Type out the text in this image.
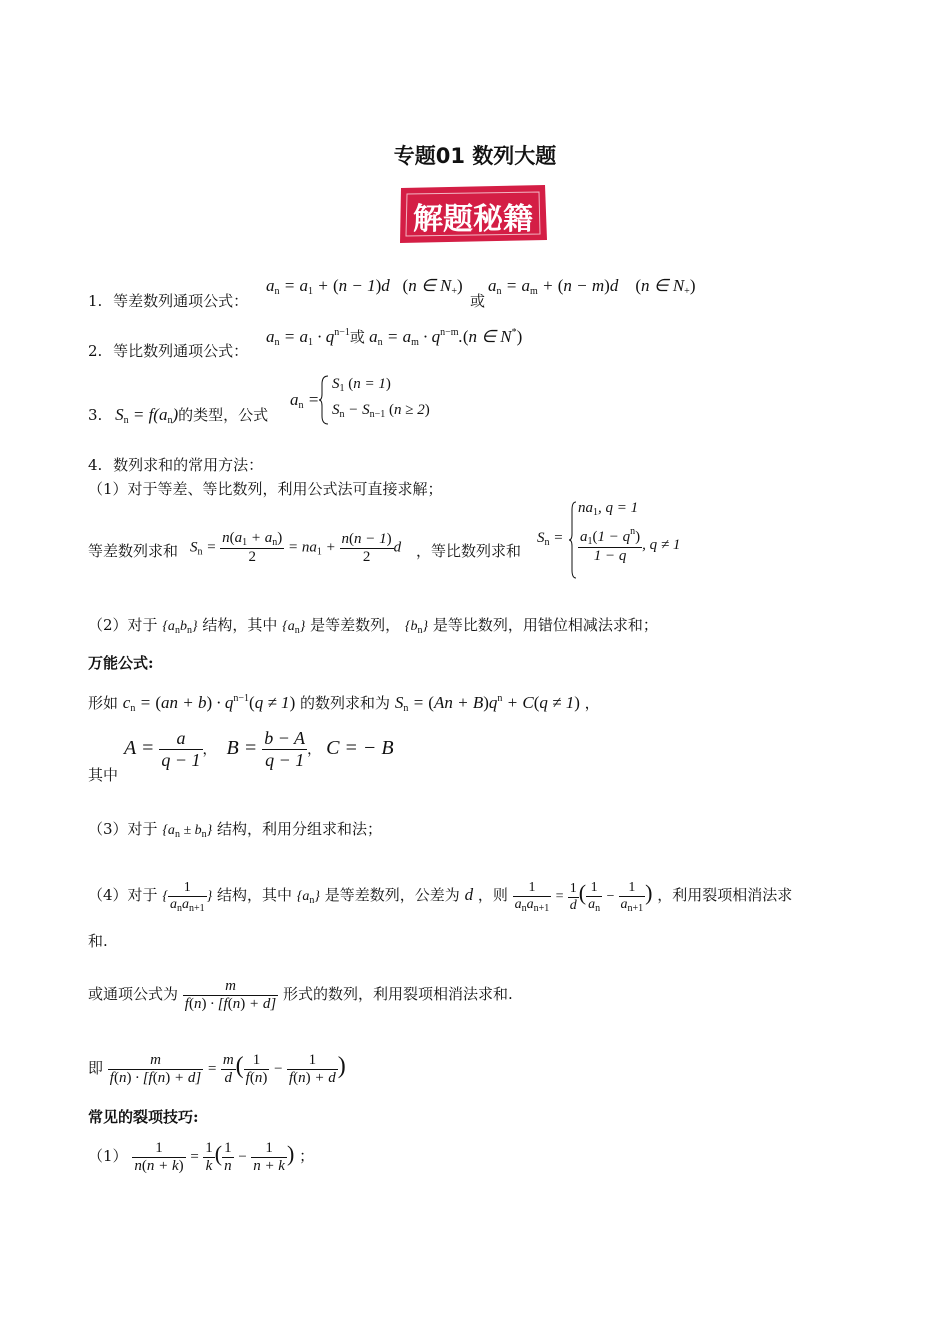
专题01 数列大题
解题秘籍
1. 等差数列通项公式：
$a_n = a_1 + (n - 1)d$   (n ∈ $N_+$)
或
$a_n = a_m + (n - m)d$    (n ∈ $N_+$)
2. 等比数列通项公式：
$a_n = a_1 \cdot q^{n-1}$或 $a_n = a_m \cdot q^{n-m}.(n$ ∈ N*)
3. $S_n = f(a_n)$的类型，公式
$a_n$ =
$S_1$ (n = 1)
$S_n - S_{n-1}$ (n ≥ 2)
4. 数列求和的常用方法：
（1）对于等差、等比数列，利用公式法可直接求解；
等差数列求和 $S_n = \frac{n(a_1 + a_n)}{2} = na_1 + \frac{n(n - 1)}{2}$ d ，等比数列求和
$S_n$ =
$na_1$, q = 1
$\frac{a_1(1 - q^n)}{1 - q}$ , q ≠ 1
（2）对于 $\{a_nb_n\}$ 结构，其中 $\{a_n\}$ 是等差数列， $\{b_n\}$ 是等比数列，用错位相减法求和；
万能公式:
形如 $c_n = (an + b) \cdot q^{n-1}(q \ne 1)$ 的数列求和为 $S_n = (An + B)q^n + C(q \ne 1)$ ，
其中
$A = \frac{a}{q - 1}$ ，  $B = \frac{b - A}{q - 1}$ ， C = − B
（3）对于 $\{a_n \pm b_n\}$ 结构，利用分组求和法；
（4）对于 { $\frac{1}{a_na_{n+1}}$ } 结构，其中 $\{a_n\}$ 是等差数列，公差为 d ，则 $\frac{1}{a_na_{n+1}} = \frac{1}{d}$ ( $\frac{1}{a_n} - \frac{1}{a_{n+1}}$ ) ，利用裂项相消法求
和.
或通项公式为 $\frac{m}{f(n) \cdot [f(n) + d]}$ 形式的数列，利用裂项相消法求和.
即 $\frac{m}{f(n) \cdot [f(n) + d]} = \frac{m}{d}$ ( $\frac{1}{f(n)} - \frac{1}{f(n) + d}$ )
常见的裂项技巧:
$(1) \frac{1}{n(n + k)} = \frac{1}{k}$ ( $\frac{1}{n} - \frac{1}{n + k}$ ) ；
